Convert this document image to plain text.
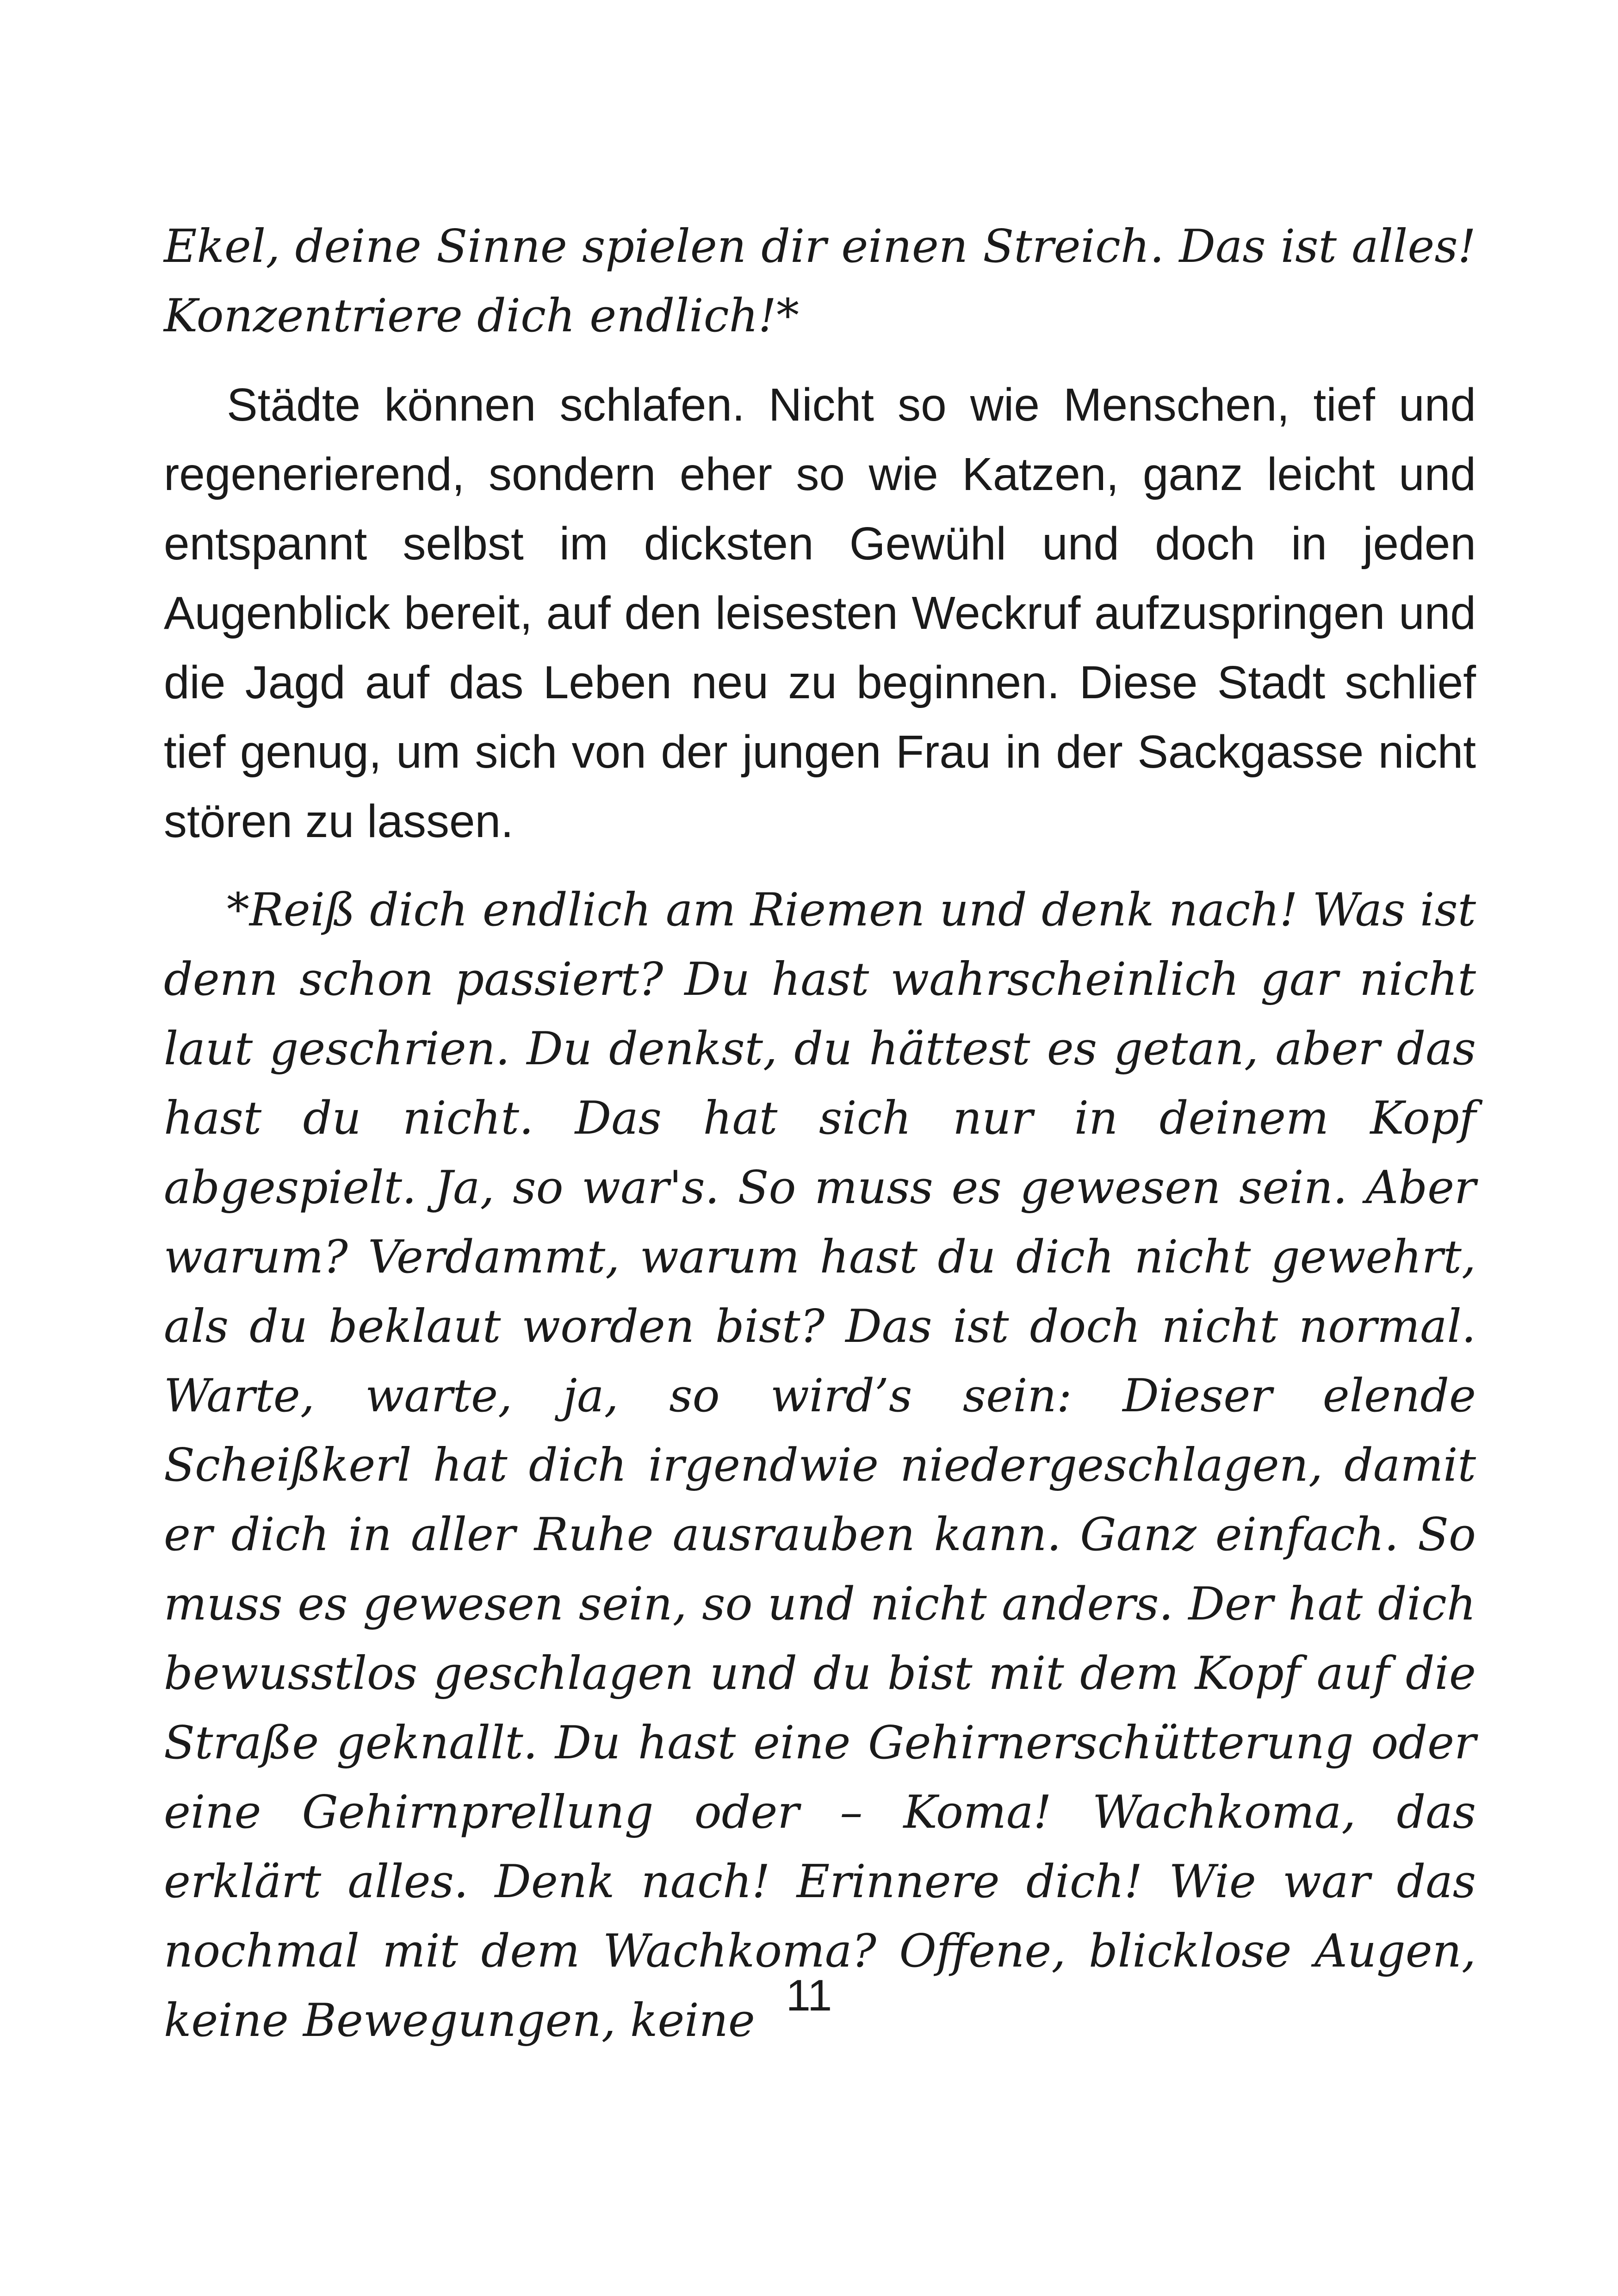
Ekel, deine Sinne spielen dir einen Streich. Das ist alles! Konzentriere dich endlich!*

Städte können schlafen. Nicht so wie Menschen, tief und regenerierend, sondern eher so wie Katzen, ganz leicht und entspannt selbst im dicksten Gewühl und doch in jeden Augenblick bereit, auf den leisesten Weckruf aufzuspringen und die Jagd auf das Leben neu zu beginnen. Diese Stadt schlief tief genug, um sich von der jungen Frau in der Sackgasse nicht stören zu lassen.

*Reiß dich endlich am Riemen und denk nach! Was ist denn schon passiert? Du hast wahrscheinlich gar nicht laut geschrien. Du denkst, du hättest es getan, aber das hast du nicht. Das hat sich nur in deinem Kopf abgespielt. Ja, so war's. So muss es gewesen sein. Aber warum? Verdammt, warum hast du dich nicht gewehrt, als du beklaut worden bist? Das ist doch nicht normal. Warte, warte, ja, so wird’s sein: Dieser elende Scheißkerl hat dich irgendwie niedergeschlagen, damit er dich in aller Ruhe ausrauben kann. Ganz einfach. So muss es gewesen sein, so und nicht anders. Der hat dich bewusstlos geschlagen und du bist mit dem Kopf auf die Straße geknallt. Du hast eine Gehirnerschütterung oder eine Gehirnprellung oder – Koma! Wachkoma, das erklärt alles. Denk nach! Erinnere dich! Wie war das nochmal mit dem Wachkoma? Offene, blicklose Augen, keine Bewegungen, keine 11
